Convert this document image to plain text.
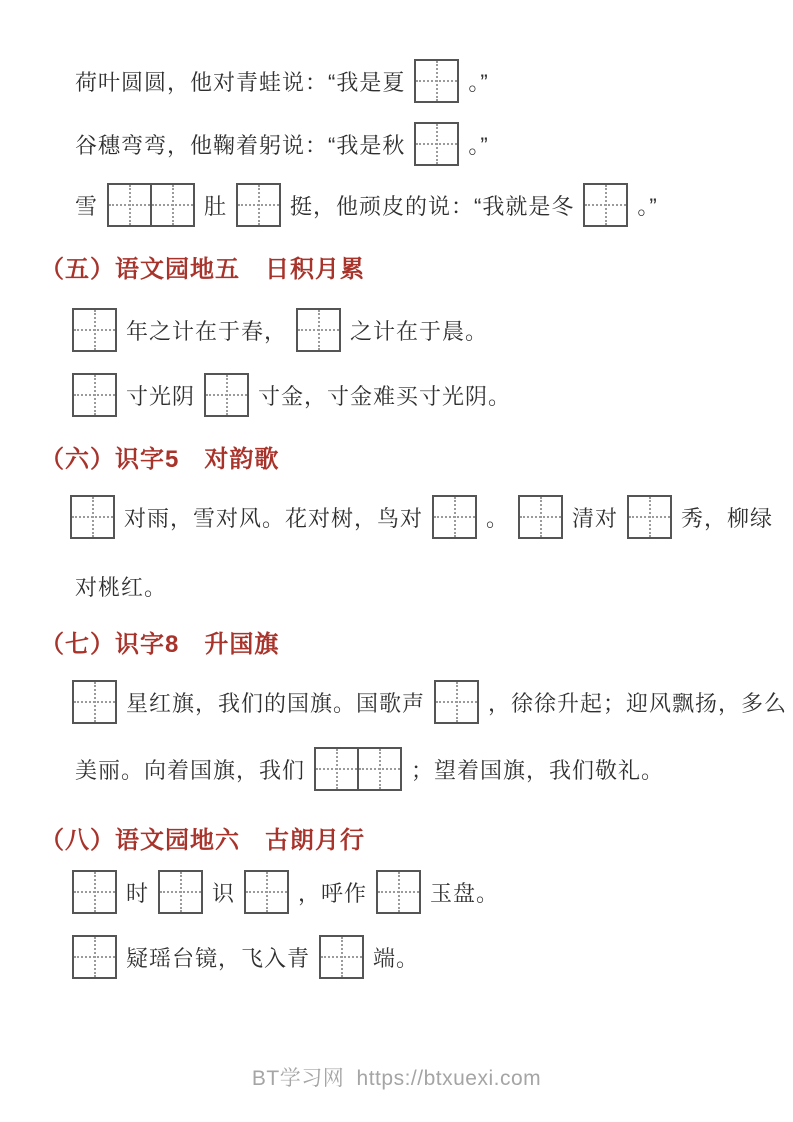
荷叶圆圆，他对青蛙说：“我是夏	。”
谷穗弯弯，他鞠着躬说：“我是秋	。”
雪	肚	挺，他顽皮的说：“我就是冬	。”
（五）语文园地五　日积月累
年之计在于春，	之计在于晨。
寸光阴	寸金，寸金难买寸光阴。
（六）识字5　对韵歌
对雨，雪对风。花对树，鸟对	。	清对	秀，柳绿
对桃红。
（七）识字8　升国旗
星红旗，我们的国旗。国歌声	，徐徐升起；迎风飘扬，多么
美丽。向着国旗，我们	；望着国旗，我们敬礼。
（八）语文园地六　古朗月行
时	识	，呼作	玉盘。
疑瑶台镜，飞入青	端。
BT学习网 https://btxuexi.com
